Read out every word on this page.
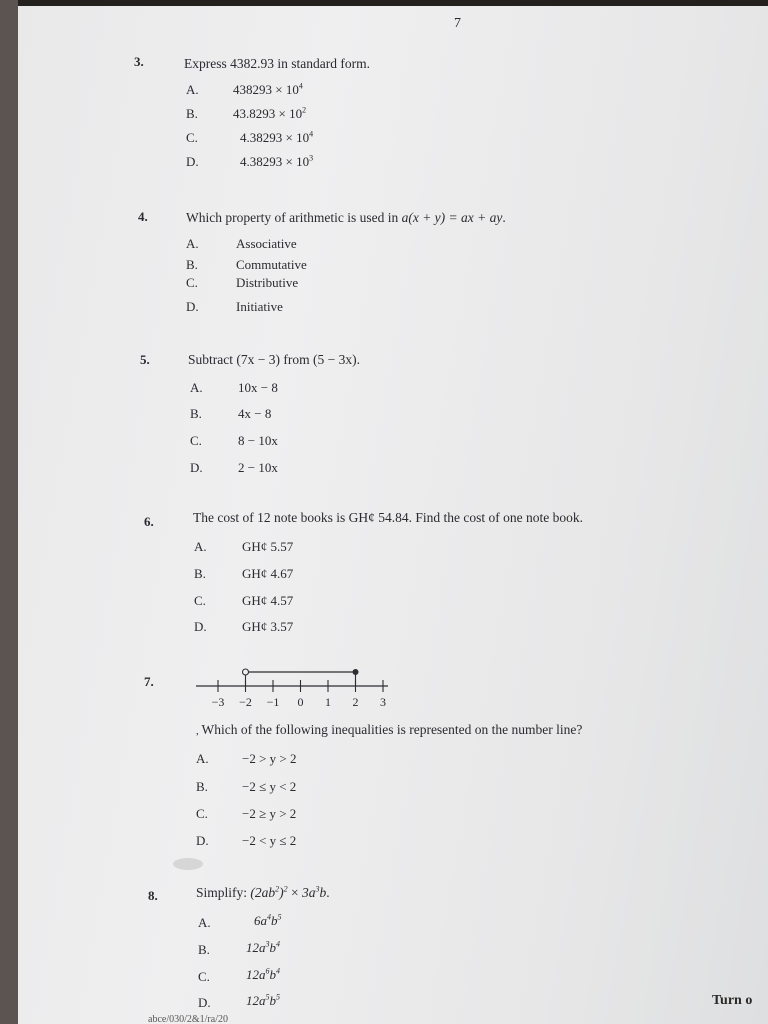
7
3.	Express 4382.93 in standard form.
A.	$438293 \times 10^4$
B.	$43.8293 \times 10^2$
C.	$4.38293 \times 10^4$
D.	$4.38293 \times 10^3$
4.	Which property of arithmetic is used in a(x + y) = ax + ay.
A.	Associative
B.	Commutative
C.	Distributive
D.	Initiative
5.	Subtract (7x − 3) from (5 − 3x).
A.	10x − 8
B.	4x − 8
C.	8 − 10x
D.	2 − 10x
6.	The cost of 12 note books is GH¢ 54.84. Find the cost of one note book.
A.	GH¢ 5.57
B.	GH¢ 4.67
C.	GH¢ 4.57
D.	GH¢ 3.57
7.
−3 −2 −1 0 1 2 3
, Which of the following inequalities is represented on the number line?
A.	−2 > y > 2
B.	−2 ≤ y < 2
C.	−2 ≥ y > 2
D.	−2 < y ≤ 2
8.	Simplify: $(2ab^2)^2 \times 3a^3b$.
A.	$6a^4b^5$
B.	$12a^3b^4$
C.	$12a^6b^4$
D.	$12a^5b^5$	Turn o
abce/030/2&1/ra/20
